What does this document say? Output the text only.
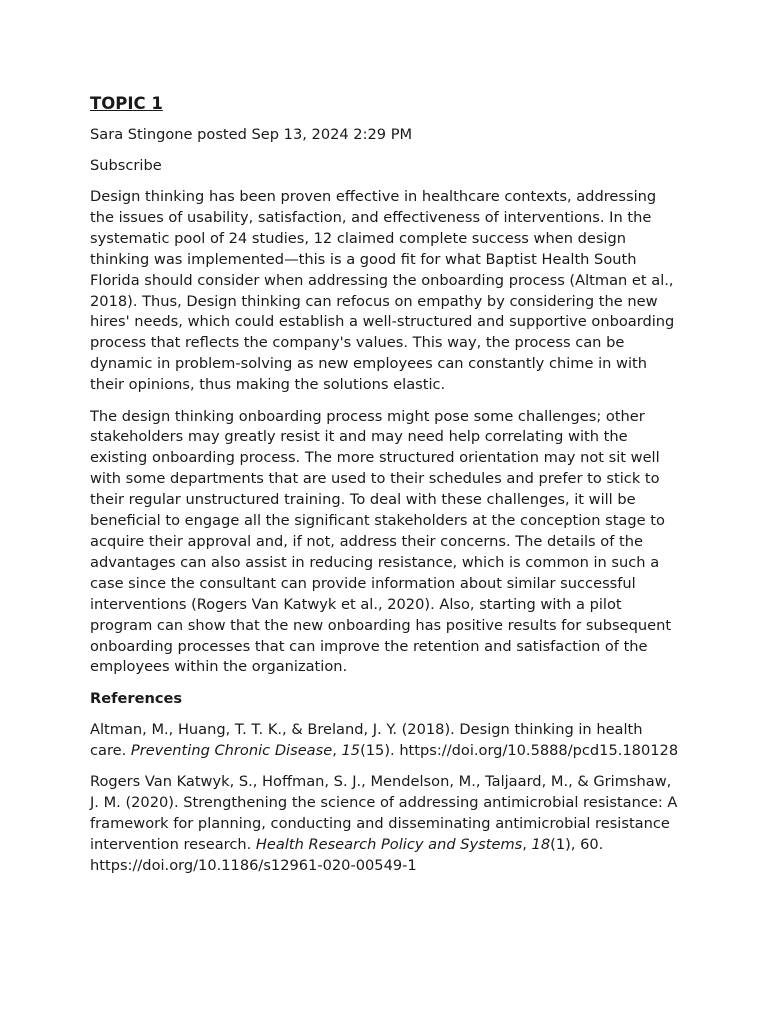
TOPIC 1
Sara Stingone posted Sep 13, 2024 2:29 PM
Subscribe

Design thinking has been proven effective in healthcare contexts, addressing the issues of usability, satisfaction, and effectiveness of interventions. In the systematic pool of 24 studies, 12 claimed complete success when design thinking was implemented—this is a good fit for what Baptist Health South Florida should consider when addressing the onboarding process (Altman et al., 2018). Thus, Design thinking can refocus on empathy by considering the new hires' needs, which could establish a well-structured and supportive onboarding process that reflects the company's values. This way, the process can be dynamic in problem-solving as new employees can constantly chime in with their opinions, thus making the solutions elastic.

The design thinking onboarding process might pose some challenges; other stakeholders may greatly resist it and may need help correlating with the existing onboarding process. The more structured orientation may not sit well with some departments that are used to their schedules and prefer to stick to their regular unstructured training. To deal with these challenges, it will be beneficial to engage all the significant stakeholders at the conception stage to acquire their approval and, if not, address their concerns. The details of the advantages can also assist in reducing resistance, which is common in such a case since the consultant can provide information about similar successful interventions (Rogers Van Katwyk et al., 2020). Also, starting with a pilot program can show that the new onboarding has positive results for subsequent onboarding processes that can improve the retention and satisfaction of the employees within the organization.

References

Altman, M., Huang, T. T. K., & Breland, J. Y. (2018). Design thinking in health care. Preventing Chronic Disease, 15(15). https://doi.org/10.5888/pcd15.180128

Rogers Van Katwyk, S., Hoffman, S. J., Mendelson, M., Taljaard, M., & Grimshaw, J. M. (2020). Strengthening the science of addressing antimicrobial resistance: A framework for planning, conducting and disseminating antimicrobial resistance intervention research. Health Research Policy and Systems, 18(1), 60. https://doi.org/10.1186/s12961-020-00549-1
